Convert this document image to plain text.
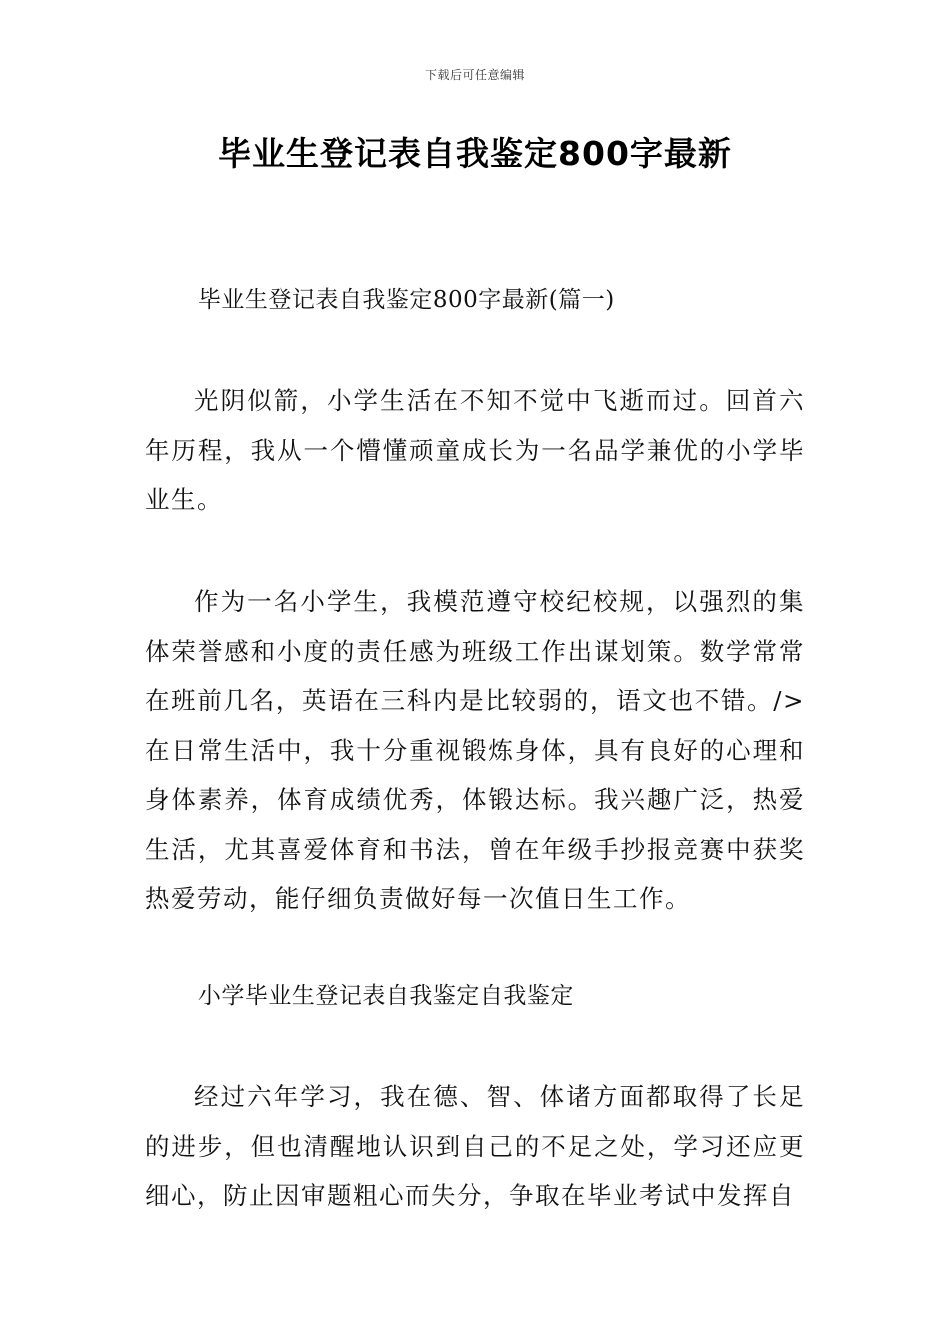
下载后可任意编辑
毕业生登记表自我鉴定800字最新

毕业生登记表自我鉴定800字最新(篇一)

光阴似箭，小学生活在不知不觉中飞逝而过。回首六年历程，我从一个懵懂顽童成长为一名品学兼优的小学毕业生。

作为一名小学生，我模范遵守校纪校规，以强烈的集体荣誉感和小度的责任感为班级工作出谋划策。数学常常在班前几名，英语在三科内是比较弱的，语文也不错。/>在日常生活中，我十分重视锻炼身体，具有良好的心理和身体素养，体育成绩优秀，体锻达标。我兴趣广泛，热爱生活，尤其喜爱体育和书法，曾在年级手抄报竞赛中获奖热爱劳动，能仔细负责做好每一次值日生工作。

小学毕业生登记表自我鉴定自我鉴定

经过六年学习，我在德、智、体诸方面都取得了长足的进步，但也清醒地认识到自己的不足之处，学习还应更细心，防止因审题粗心而失分，争取在毕业考试中发挥自
